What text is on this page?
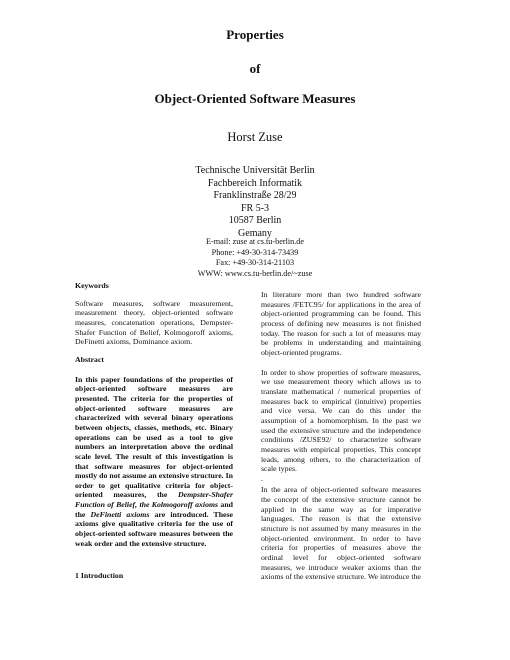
Properties
of
Object-Oriented Software Measures
Horst Zuse
Technische Universität Berlin
Fachbereich Informatik
Franklinstraße 28/29
FR 5-3
10587 Berlin
Gemany
E-mail: zuse at cs.tu-berlin.de
Phone: +49-30-314-73439
Fax: +49-30-314-21103
WWW: www.cs.tu-berlin.de/~zuse
Keywords

Software measures, software measurement, measurement theory, object-oriented software measures, concatenation operations, Dempster-Shafer Function of Belief, Kolmogoroff axioms, DeFinetti axioms, Dominance axiom.

Abstract

In this paper foundations of the properties of object-oriented software measures are presented. The criteria for the properties of object-oriented software measures are characterized with several binary operations between objects, classes, methods, etc. Binary operations can be used as a tool to give numbers an interpretation above the ordinal scale level. The result of this investigation is that software measures for object-oriented mostly do not assume an extensive structure. In order to get qualitative criteria for object-oriented measures, the Dempster-Shafer Function of Belief, the Kolmogoroff axioms and the DeFinetti axioms are introduced. These axioms give qualitative criteria for the use of object-oriented software measures between the weak order and the extensive structure.

1 Introduction

In literature more than two hundred software measures /FETC95/ for applications in the area of object-oriented programming can be found. This process of defining new measures is not finished today. The reason for such a lot of measures may be problems in understanding and maintaining object-oriented programs.

In order to show properties of software measures, we use measurement theory which allows us to translate mathematical / numerical properties of measures back to empirical (intuitive) properties and vice versa. We can do this under the assumption of a homomorphism. In the past we used the extensive structure and the independence conditions /ZUSE92/ to characterize software measures with empirical properties. This concept leads, among others, to the characterization of scale types.

.

In the area of object-oriented software measures the concept of the extensive structure cannot be applied in the same way as for imperative languages. The reason is that the extensive structure is not assumed by many measures in the object-oriented environment. In order to have criteria for properties of measures above the ordinal level for object-oriented software measures, we introduce weaker axioms than the axioms of the extensive structure. We introduce the
